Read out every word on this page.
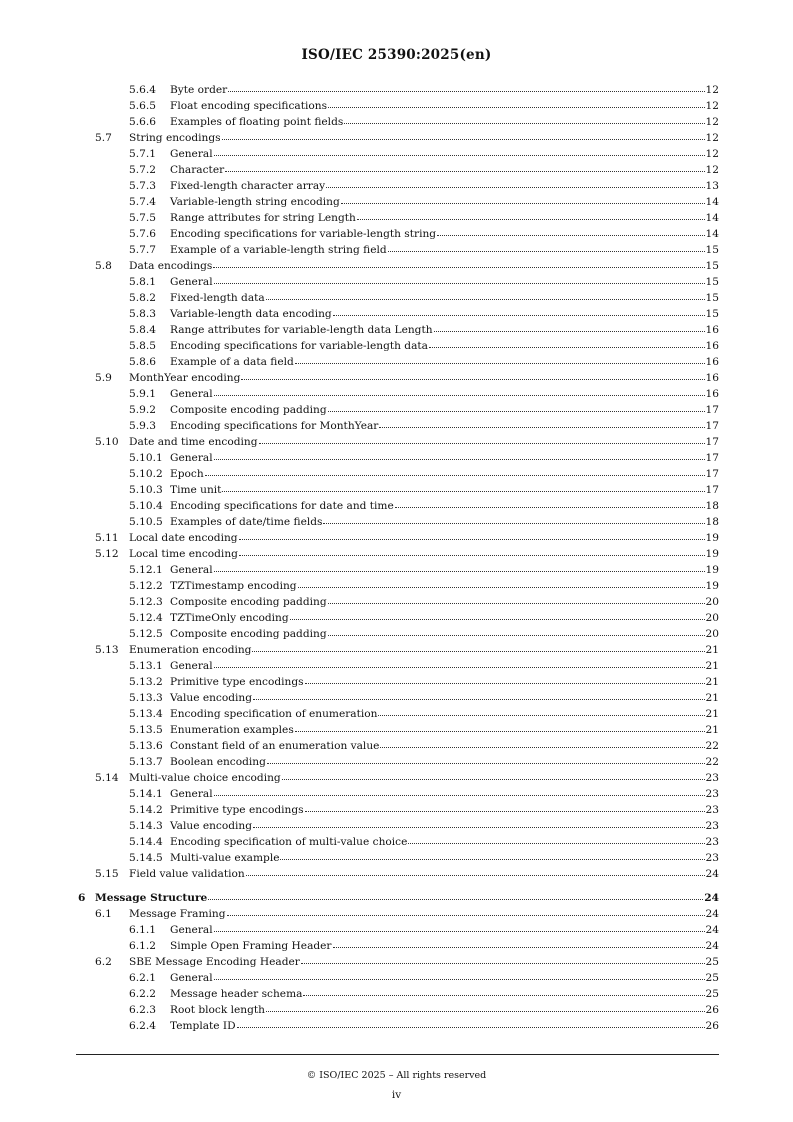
ISO/IEC 25390:2025(en)
5.6.4	Byte order	12
5.6.5	Float encoding specifications	12
5.6.6	Examples of floating point fields	12
5.7	String encodings	12
5.7.1	General	12
5.7.2	Character	12
5.7.3	Fixed-length character array	13
5.7.4	Variable-length string encoding	14
5.7.5	Range attributes for string Length	14
5.7.6	Encoding specifications for variable-length string	14
5.7.7	Example of a variable-length string field	15
5.8	Data encodings	15
5.8.1	General	15
5.8.2	Fixed-length data	15
5.8.3	Variable-length data encoding	15
5.8.4	Range attributes for variable-length data Length	16
5.8.5	Encoding specifications for variable-length data	16
5.8.6	Example of a data field	16
5.9	MonthYear encoding	16
5.9.1	General	16
5.9.2	Composite encoding padding	17
5.9.3	Encoding specifications for MonthYear	17
5.10 Date and time encoding	17
5.10.1 General	17
5.10.2 Epoch	17
5.10.3 Time unit	17
5.10.4 Encoding specifications for date and time	18
5.10.5 Examples of date/time fields	18
5.11 Local date encoding	19
5.12 Local time encoding	19
5.12.1 General	19
5.12.2 TZTimestamp encoding	19
5.12.3 Composite encoding padding	20
5.12.4 TZTimeOnly encoding	20
5.12.5 Composite encoding padding	20
5.13 Enumeration encoding	21
5.13.1 General	21
5.13.2 Primitive type encodings	21
5.13.3 Value encoding	21
5.13.4 Encoding specification of enumeration	21
5.13.5 Enumeration examples	21
5.13.6 Constant field of an enumeration value	22
5.13.7 Boolean encoding	22
5.14 Multi-value choice encoding	23
5.14.1 General	23
5.14.2 Primitive type encodings	23
5.14.3 Value encoding	23
5.14.4 Encoding specification of multi-value choice	23
5.14.5 Multi-value example	23
5.15 Field value validation	24
6 Message Structure	24
6.1	Message Framing	24
6.1.1	General	24
6.1.2	Simple Open Framing Header	24
6.2	SBE Message Encoding Header	25
6.2.1	General	25
6.2.2	Message header schema	25
6.2.3	Root block length	26
6.2.4	Template ID	26
© ISO/IEC 2025 – All rights reserved
iv
